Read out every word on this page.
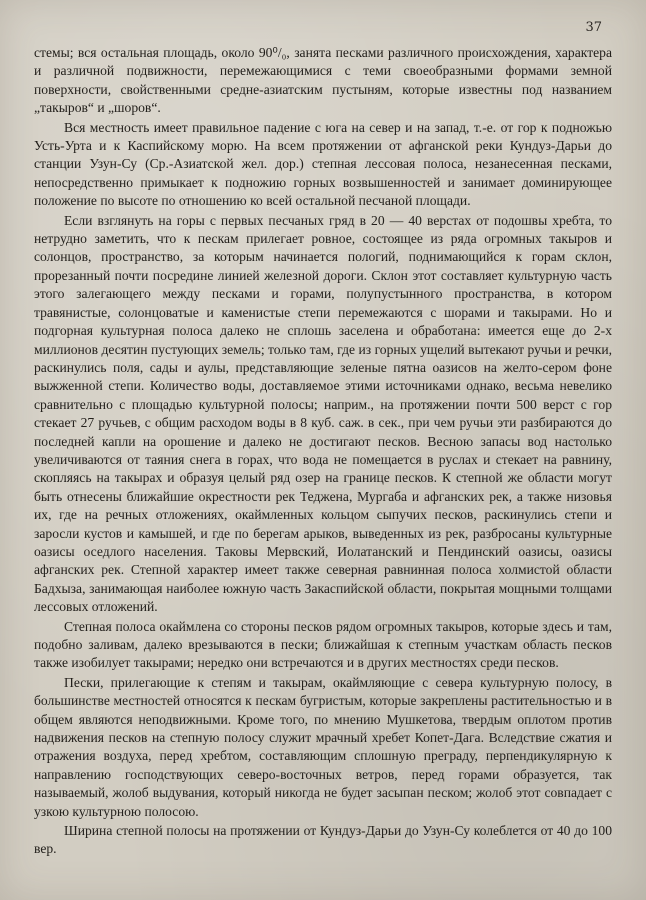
37

стемы; вся остальная площадь, около 90⁰/₀, занята песками различного происхождения, характера и различной подвижности, перемежающимися с теми своеобразными формами земной поверхности, свойственными средне-азиатским пустыням, которые известны под названием „такыров“ и „шоров“.

Вся местность имеет правильное падение с юга на север и на запад, т.-е. от гор к подножью Усть-Урта и к Каспийскому морю. На всем протяжении от афганской реки Кундуз-Дарьи до станции Узун-Су (Ср.-Азиатской жел. дор.) степная лессовая полоса, незанесенная песками, непосредственно примыкает к подножию горных возвышенностей и занимает доминирующее положение по высоте по отношению ко всей остальной песчаной площади.

Если взглянуть на горы с первых песчаных гряд в 20 — 40 верстах от подошвы хребта, то нетрудно заметить, что к пескам прилегает ровное, состоящее из ряда огромных такыров и солонцов, пространство, за которым начинается пологий, поднимающийся к горам склон, прорезанный почти посредине линией железной дороги. Склон этот составляет культурную часть этого залегающего между песками и горами, полупустынного пространства, в котором травянистые, солонцоватые и каменистые степи перемежаются с шорами и такырами. Но и подгорная культурная полоса далеко не сплошь заселена и обработана: имеется еще до 2-х миллионов десятин пустующих земель; только там, где из горных ущелий вытекают ручьи и речки, раскинулись поля, сады и аулы, представляющие зеленые пятна оазисов на желто-сером фоне выжженной степи. Количество воды, доставляемое этими источниками однако, весьма невелико сравнительно с площадью культурной полосы; наприм., на протяжении почти 500 верст с гор стекает 27 ручьев, с общим расходом воды в 8 куб. саж. в сек., при чем ручьи эти разбираются до последней капли на орошение и далеко не достигают песков. Весною запасы вод настолько увеличиваются от таяния снега в горах, что вода не помещается в руслах и стекает на равнину, скопляясь на такырах и образуя целый ряд озер на границе песков. К степной же области могут быть отнесены ближайшие окрестности рек Теджена, Мургаба и афганских рек, а также низовья их, где на речных отложениях, окаймленных кольцом сыпучих песков, раскинулись степи и заросли кустов и камышей, и где по берегам арыков, выведенных из рек, разбросаны культурные оазисы оседлого населения. Таковы Мервский, Иолатанский и Пендинский оазисы, оазисы афганских рек. Степной характер имеет также северная равнинная полоса холмистой области Бадхыза, занимающая наиболее южную часть Закаспийской области, покрытая мощными толщами лессовых отложений.

Степная полоса окаймлена со стороны песков рядом огромных такыров, которые здесь и там, подобно заливам, далеко врезываются в пески; ближайшая к степным участкам область песков также изобилует такырами; нередко они встречаются и в других местностях среди песков.

Пески, прилегающие к степям и такырам, окаймляющие с севера культурную полосу, в большинстве местностей относятся к пескам бугристым, которые закреплены растительностью и в общем являются неподвижными. Кроме того, по мнению Мушкетова, твердым оплотом против надвижения песков на степную полосу служит мрачный хребет Копет-Дага. Вследствие сжатия и отражения воздуха, перед хребтом, составляющим сплошную преграду, перпендикулярную к направлению господствующих северо-восточных ветров, перед горами образуется, так называемый, жолоб выдувания, который никогда не будет засыпан песком; жолоб этот совпадает с узкою культурною полосою.

Ширина степной полосы на протяжении от Кундуз-Дарьи до Узун-Су колеблется от 40 до 100 вер.
